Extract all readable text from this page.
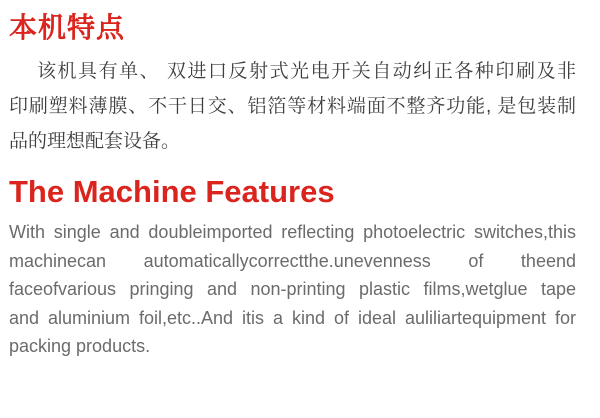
本机特点
该机具有单、 双进口反射式光电开关自动纠正各种印刷及非
印刷塑料薄膜、不干日交、铝箔等材料端面不整齐功能, 是包装制
品的理想配套设备。
The Machine Features
With single and doubleimported reflecting photoelectric switches,this
machinecan automaticallycorrectthe.unevenness of theend
faceofvarious pringing and non-printing plastic films,wetglue tape
and aluminium foil,etc..And itis a kind of ideal auliliartequipment for
packing products.
